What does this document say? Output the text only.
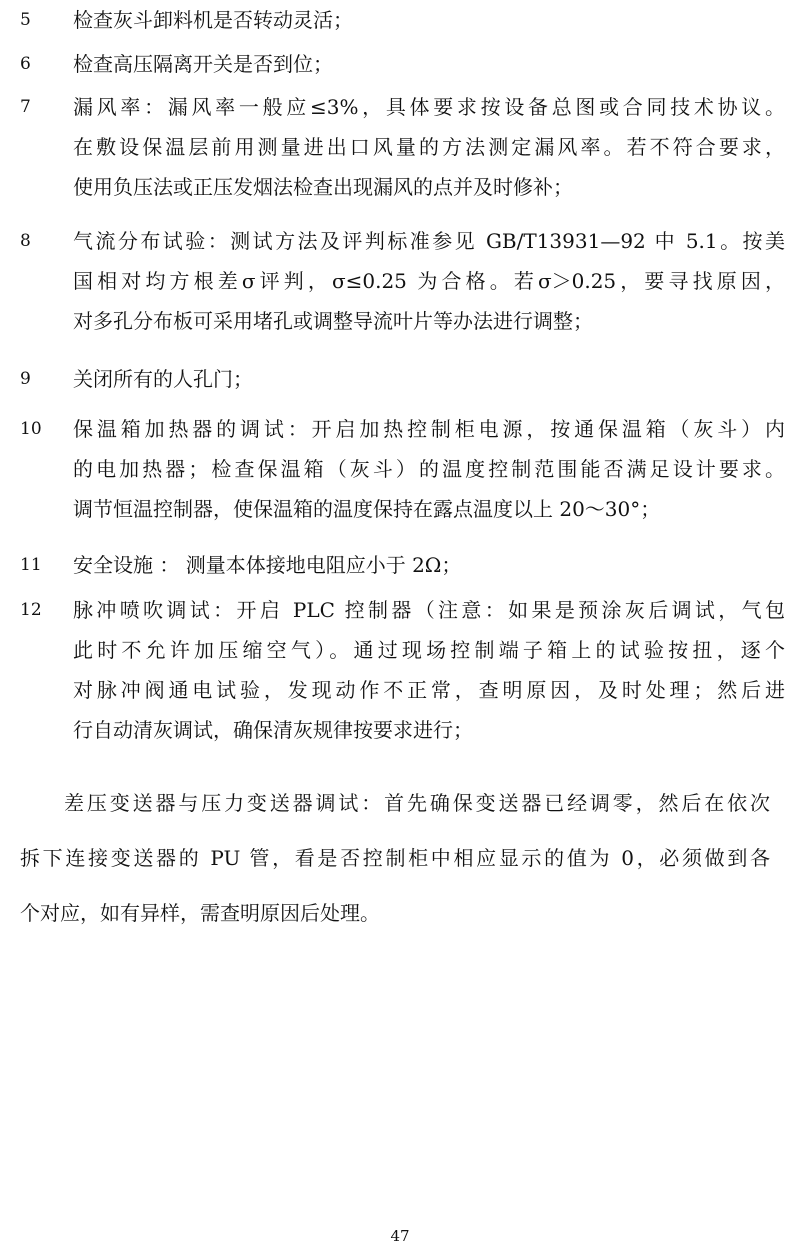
5	检查灰斗卸料机是否转动灵活；
6	检查高压隔离开关是否到位；
7	漏风率：漏风率一般应≤3%，具体要求按设备总图或合同技术协议。
在敷设保温层前用测量进出口风量的方法测定漏风率。若不符合要求，
使用负压法或正压发烟法检查出现漏风的点并及时修补；
8	气流分布试验：测试方法及评判标准参见 GB/T13931—92 中 5.1。按美
国相对均方根差σ评判，σ≤0.25 为合格。若σ＞0.25，要寻找原因，
对多孔分布板可采用堵孔或调整导流叶片等办法进行调整；
9	关闭所有的人孔门；
10	保温箱加热器的调试：开启加热控制柜电源，按通保温箱（灰斗）内
的电加热器；检查保温箱（灰斗）的温度控制范围能否满足设计要求。
调节恒温控制器，使保温箱的温度保持在露点温度以上 20～30°；
11	安全设施 ： 测量本体接地电阻应小于 2Ω；
12	脉冲喷吹调试：开启 PLC 控制器（注意：如果是预涂灰后调试，气包
此时不允许加压缩空气）。通过现场控制端子箱上的试验按扭，逐个
对脉冲阀通电试验，发现动作不正常，查明原因，及时处理；然后进
行自动清灰调试，确保清灰规律按要求进行；
差压变送器与压力变送器调试：首先确保变送器已经调零，然后在依次
拆下连接变送器的 PU 管，看是否控制柜中相应显示的值为 0，必须做到各
个对应，如有异样，需查明原因后处理。
47
